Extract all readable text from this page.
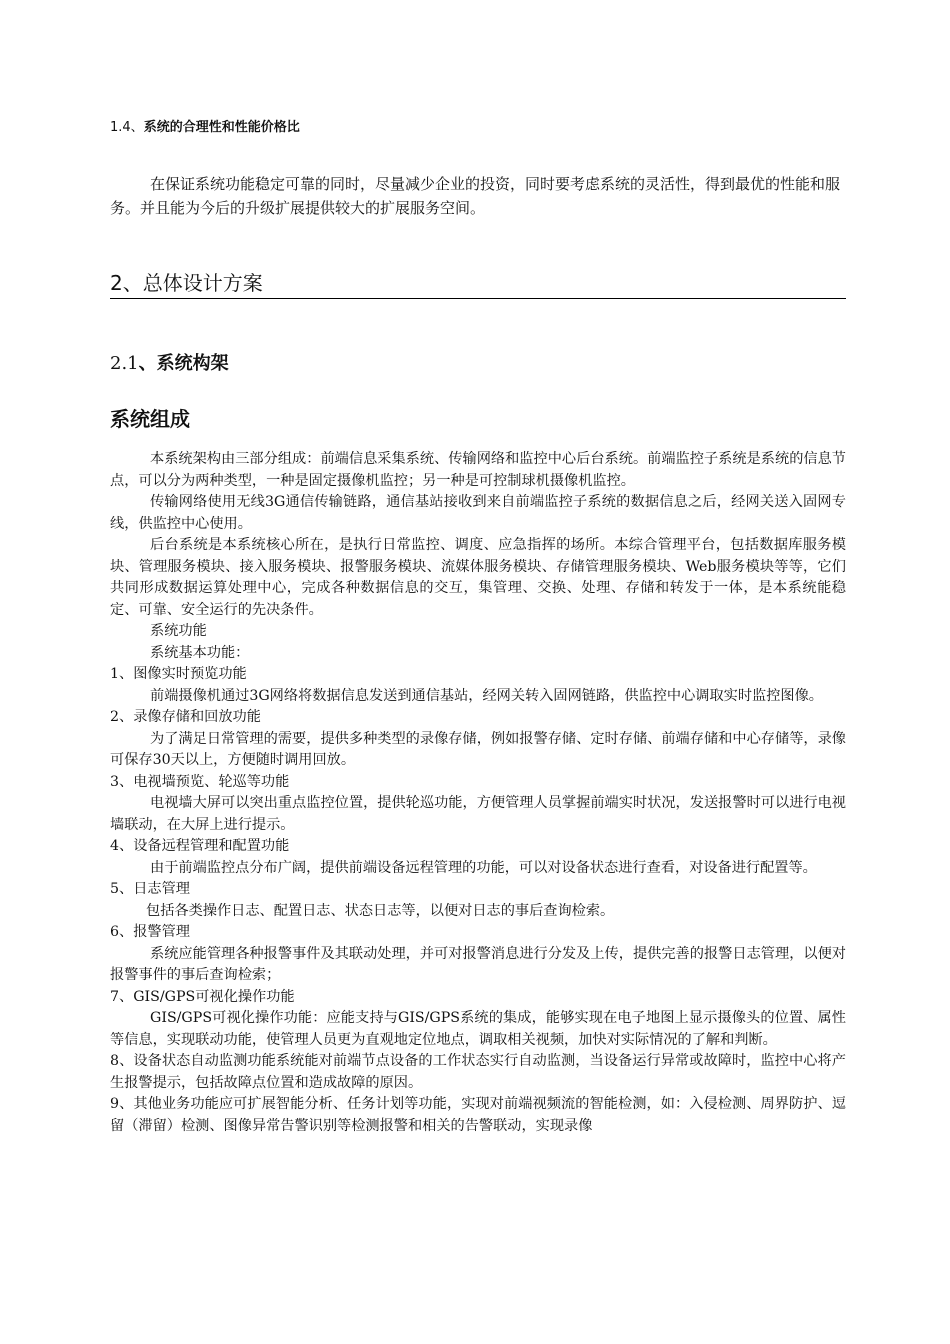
1.4、系统的合理性和性能价格比

在保证系统功能稳定可靠的同时，尽量减少企业的投资，同时要考虑系统的灵活性，得到最优的性能和服务。并且能为今后的升级扩展提供较大的扩展服务空间。

2、总体设计方案
2.1、系统构架
系统组成

本系统架构由三部分组成：前端信息采集系统、传输网络和监控中心后台系统。前端监控子系统是系统的信息节点，可以分为两种类型，一种是固定摄像机监控；另一种是可控制球机摄像机监控。

传输网络使用无线3G通信传输链路，通信基站接收到来自前端监控子系统的数据信息之后，经网关送入固网专线，供监控中心使用。

后台系统是本系统核心所在，是执行日常监控、调度、应急指挥的场所。本综合管理平台，包括数据库服务模块、管理服务模块、接入服务模块、报警服务模块、流媒体服务模块、存储管理服务模块、Web服务模块等等，它们共同形成数据运算处理中心，完成各种数据信息的交互，集管理、交换、处理、存储和转发于一体，是本系统能稳定、可靠、安全运行的先决条件。

系统功能

系统基本功能：

1、图像实时预览功能

前端摄像机通过3G网络将数据信息发送到通信基站，经网关转入固网链路，供监控中心调取实时监控图像。

2、录像存储和回放功能

为了满足日常管理的需要，提供多种类型的录像存储，例如报警存储、定时存储、前端存储和中心存储等，录像可保存30天以上，方便随时调用回放。

3、电视墙预览、轮巡等功能

电视墙大屏可以突出重点监控位置，提供轮巡功能，方便管理人员掌握前端实时状况，发送报警时可以进行电视墙联动，在大屏上进行提示。

4、设备远程管理和配置功能

由于前端监控点分布广阔，提供前端设备远程管理的功能，可以对设备状态进行查看，对设备进行配置等。

5、日志管理

包括各类操作日志、配置日志、状态日志等，以便对日志的事后查询检索。

6、报警管理

系统应能管理各种报警事件及其联动处理，并可对报警消息进行分发及上传，提供完善的报警日志管理，以便对报警事件的事后查询检索；

7、GIS/GPS可视化操作功能

GIS/GPS可视化操作功能：应能支持与GIS/GPS系统的集成，能够实现在电子地图上显示摄像头的位置、属性等信息，实现联动功能，使管理人员更为直观地定位地点，调取相关视频，加快对实际情况的了解和判断。

8、设备状态自动监测功能系统能对前端节点设备的工作状态实行自动监测，当设备运行异常或故障时，监控中心将产生报警提示，包括故障点位置和造成故障的原因。

9、其他业务功能应可扩展智能分析、任务计划等功能，实现对前端视频流的智能检测，如：入侵检测、周界防护、逗留（滞留）检测、图像异常告警识别等检测报警和相关的告警联动，实现录像
